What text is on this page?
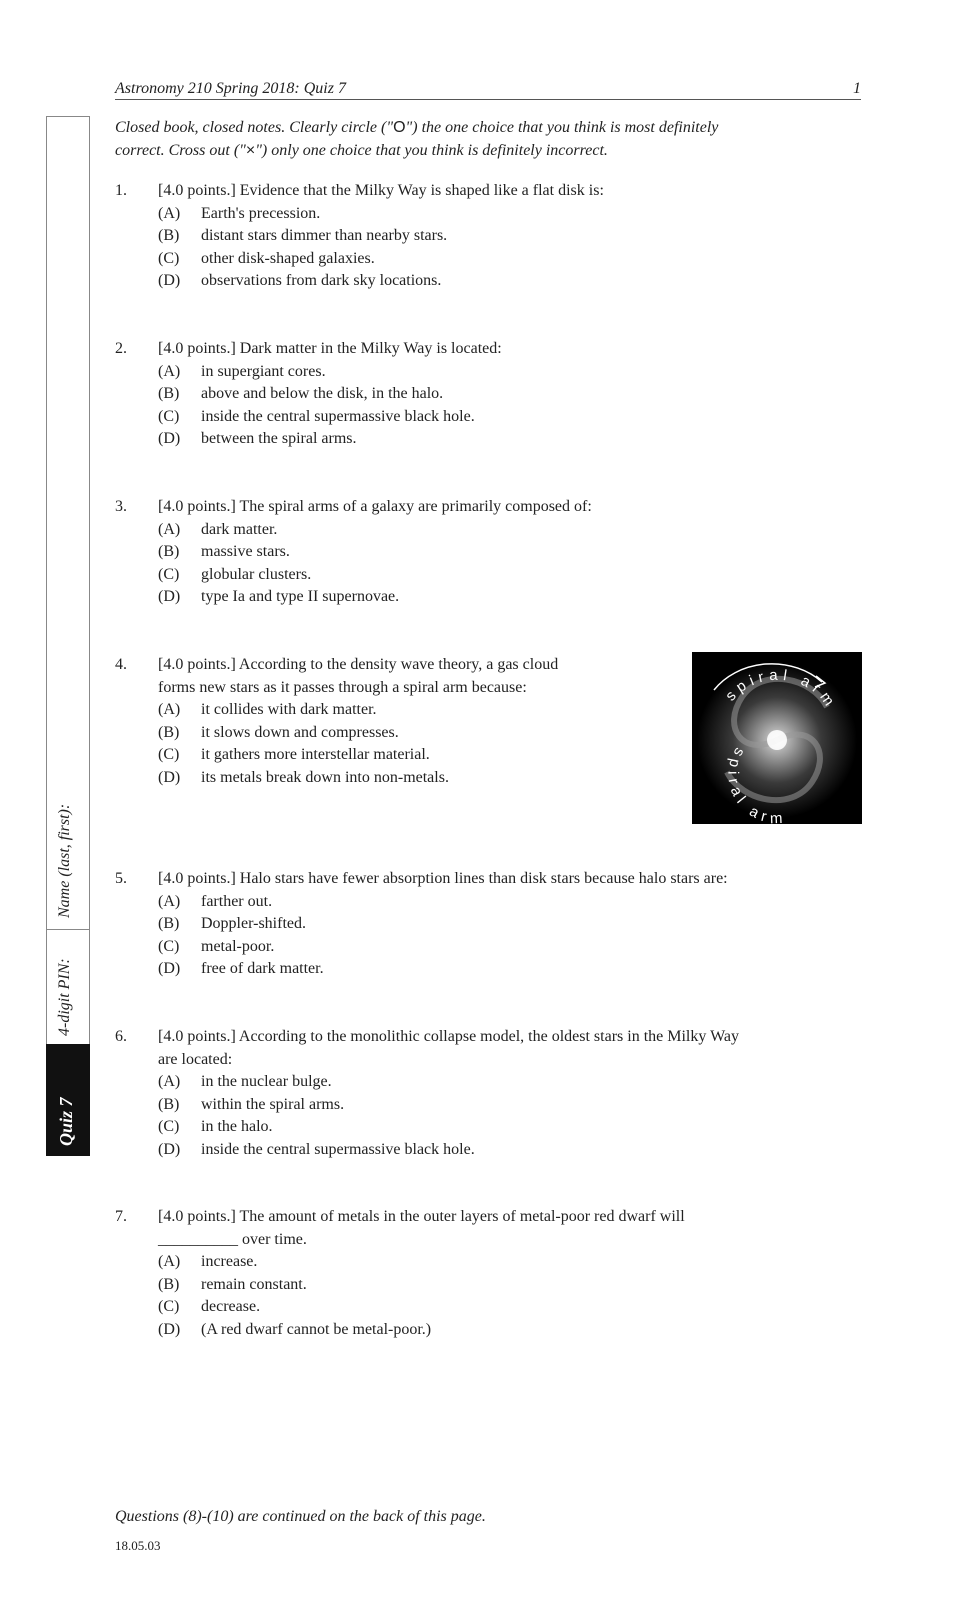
Astronomy 210 Spring 2018: Quiz 7	1
Closed book, closed notes. Clearly circle ("O") the one choice that you think is most definitely
correct. Cross out ("×") only one choice that you think is definitely incorrect.
Name (last, first):
4-digit PIN:
Quiz 7
1.	[4.0 points.] Evidence that the Milky Way is shaped like a flat disk is:
(A)	Earth's precession.
(B)	distant stars dimmer than nearby stars.
(C)	other disk-shaped galaxies.
(D)	observations from dark sky locations.
2.	[4.0 points.] Dark matter in the Milky Way is located:
(A)	in supergiant cores.
(B)	above and below the disk, in the halo.
(C)	inside the central supermassive black hole.
(D)	between the spiral arms.
3.	[4.0 points.] The spiral arms of a galaxy are primarily composed of:
(A)	dark matter.
(B)	massive stars.
(C)	globular clusters.
(D)	type Ia and type II supernovae.
4.	[4.0 points.] According to the density wave theory, a gas cloud
forms new stars as it passes through a spiral arm because:
(A)	it collides with dark matter.
(B)	it slows down and compresses.
(C)	it gathers more interstellar material.
(D)	its metals break down into non-metals.
spiral arm
spiral arm
5.	[4.0 points.] Halo stars have fewer absorption lines than disk stars because halo stars are:
(A)	farther out.
(B)	Doppler-shifted.
(C)	metal-poor.
(D)	free of dark matter.
6.	[4.0 points.] According to the monolithic collapse model, the oldest stars in the Milky Way
are located:
(A)	in the nuclear bulge.
(B)	within the spiral arms.
(C)	in the halo.
(D)	inside the central supermassive black hole.
7.	[4.0 points.] The amount of metals in the outer layers of metal-poor red dwarf will
__________ over time.
(A)	increase.
(B)	remain constant.
(C)	decrease.
(D)	(A red dwarf cannot be metal-poor.)
Questions (8)-(10) are continued on the back of this page.
18.05.03
